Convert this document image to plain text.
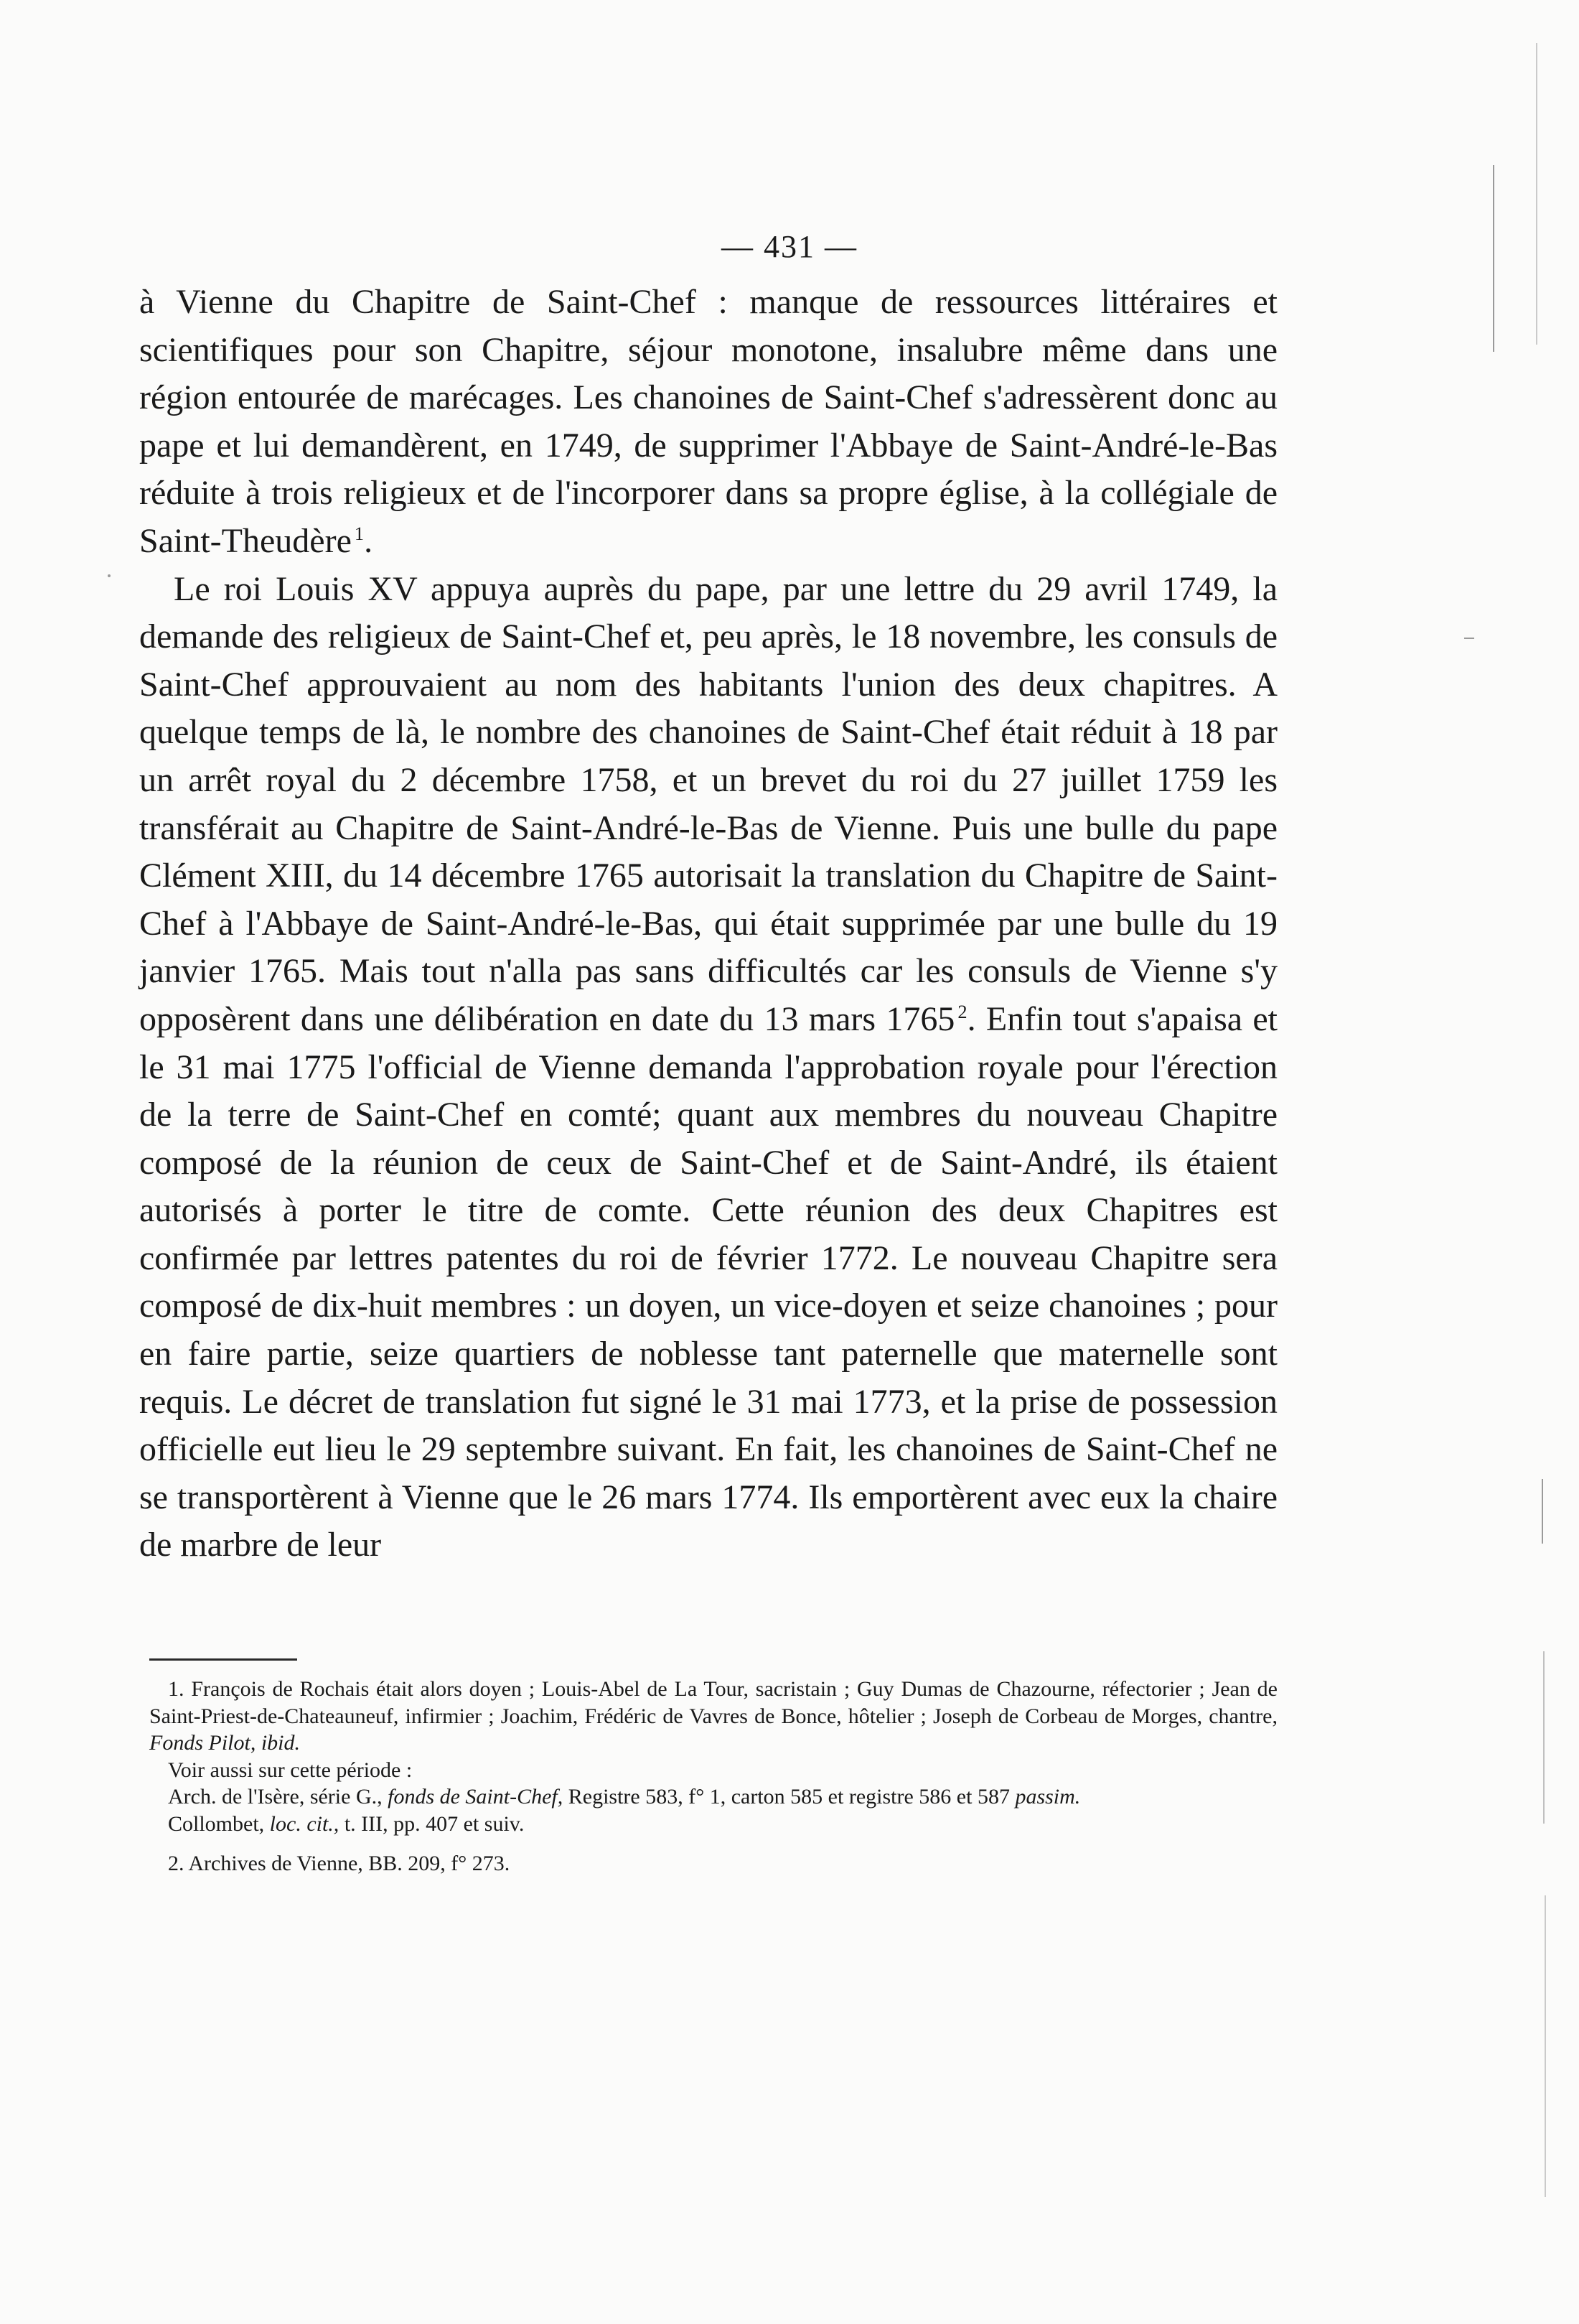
— 431 —

à Vienne du Chapitre de Saint-Chef : manque de ressources littéraires et scientifiques pour son Chapitre, séjour monotone, insalubre même dans une région entourée de marécages. Les chanoines de Saint-Chef s'adressèrent donc au pape et lui demandèrent, en 1749, de supprimer l'Abbaye de Saint-André-le-Bas réduite à trois religieux et de l'incorporer dans sa propre église, à la collégiale de Saint-Theudère  $^1$.

Le roi Louis XV appuya auprès du pape, par une lettre du 29 avril 1749, la demande des religieux de Saint-Chef et, peu après, le 18 novembre, les consuls de Saint-Chef approuvaient au nom des habitants l'union des deux chapitres. A quelque temps de là, le nombre des chanoines de Saint-Chef était réduit à 18 par un arrêt royal du 2 décembre 1758, et un brevet du roi du 27 juillet 1759 les transférait au Chapitre de Saint-André-le-Bas de Vienne. Puis une bulle du pape Clément XIII, du 14 décembre 1765 autorisait la translation du Chapitre de Saint-Chef à l'Abbaye de Saint-André-le-Bas, qui était supprimée par une bulle du 19 janvier 1765. Mais tout n'alla pas sans difficultés car les consuls de Vienne s'y opposèrent dans une délibération en date du 13 mars 1765  $^2$. Enfin tout s'apaisa et le 31 mai 1775 l'official de Vienne demanda l'approbation royale pour l'érection de la terre de Saint-Chef en comté; quant aux membres du nouveau Chapitre composé de la réunion de ceux de Saint-Chef et de Saint-André, ils étaient autorisés à porter le titre de comte. Cette réunion des deux Chapitres est confirmée par lettres patentes du roi de février 1772. Le nouveau Chapitre sera composé de dix-huit membres : un doyen, un vice-doyen et seize chanoines ; pour en faire partie, seize quartiers de noblesse tant paternelle que maternelle sont requis. Le décret de translation fut signé le 31 mai 1773, et la prise de possession officielle eut lieu le 29 septembre suivant. En fait, les chanoines de Saint-Chef ne se transportèrent à Vienne que le 26 mars 1774. Ils emportèrent avec eux la chaire de marbre de leur

1. François de Rochais était alors doyen ; Louis-Abel de La Tour, sacristain ; Guy Dumas de Chazourne, réfectorier ; Jean de Saint-Priest-de-Chateauneuf, infirmier ; Joachim, Frédéric de Vavres de Bonce, hôtelier ; Joseph de Corbeau de Morges, chantre, Fonds Pilot, ibid.

Voir aussi sur cette période :

Arch. de l'Isère, série G., fonds de Saint-Chef, Registre 583, f° 1, carton 585 et registre 586 et 587 passim.

Collombet, loc. cit., t. III, pp. 407 et suiv.

2. Archives de Vienne, BB. 209, f° 273.
